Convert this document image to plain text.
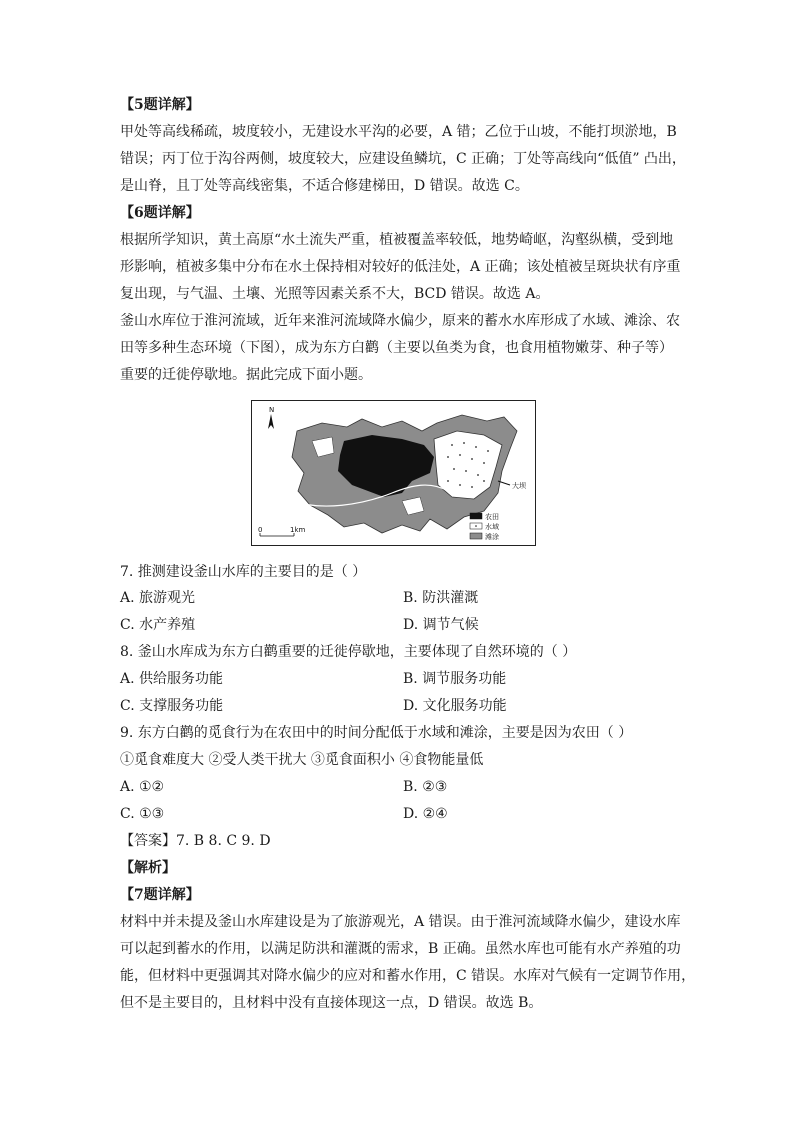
【5题详解】
甲处等高线稀疏，坡度较小，无建设水平沟的必要，A 错；乙位于山坡，不能打坝淤地，B
错误；丙丁位于沟谷两侧，坡度较大，应建设鱼鳞坑，C 正确；丁处等高线向“低值” 凸出，
是山脊，且丁处等高线密集，不适合修建梯田，D 错误。故选 C。
【6题详解】
根据所学知识，黄土高原“水土流失严重，植被覆盖率较低，地势崎岖，沟壑纵横，受到地
形影响，植被多集中分布在水土保持相对较好的低洼处，A 正确；该处植被呈斑块状有序重
复出现，与气温、土壤、光照等因素关系不大，BCD 错误。故选 A。
釜山水库位于淮河流域，近年来淮河流域降水偏少，原来的蓄水水库形成了水域、滩涂、农
田等多种生态环境（下图），成为东方白鹳（主要以鱼类为食，也食用植物嫩芽、种子等）
重要的迁徙停歇地。据此完成下面小题。
N
大坝
0	1km
农田
水域
滩涂
7. 推测建设釜山水库的主要目的是（ ）
A. 旅游观光	B. 防洪灌溉
C. 水产养殖	D. 调节气候
8. 釜山水库成为东方白鹳重要的迁徙停歇地，主要体现了自然环境的（ ）
A. 供给服务功能	B. 调节服务功能
C. 支撑服务功能	D. 文化服务功能
9. 东方白鹳的觅食行为在农田中的时间分配低于水域和滩涂，主要是因为农田（ ）
①觅食难度大 ②受人类干扰大 ③觅食面积小 ④食物能量低
A. ①②	B. ②③
C. ①③	D. ②④
【答案】7. B 8. C 9. D
【解析】
【7题详解】
材料中并未提及釜山水库建设是为了旅游观光，A 错误。由于淮河流域降水偏少，建设水库
可以起到蓄水的作用，以满足防洪和灌溉的需求，B 正确。虽然水库也可能有水产养殖的功
能，但材料中更强调其对降水偏少的应对和蓄水作用，C 错误。水库对气候有一定调节作用，
但不是主要目的，且材料中没有直接体现这一点，D 错误。故选 B。
